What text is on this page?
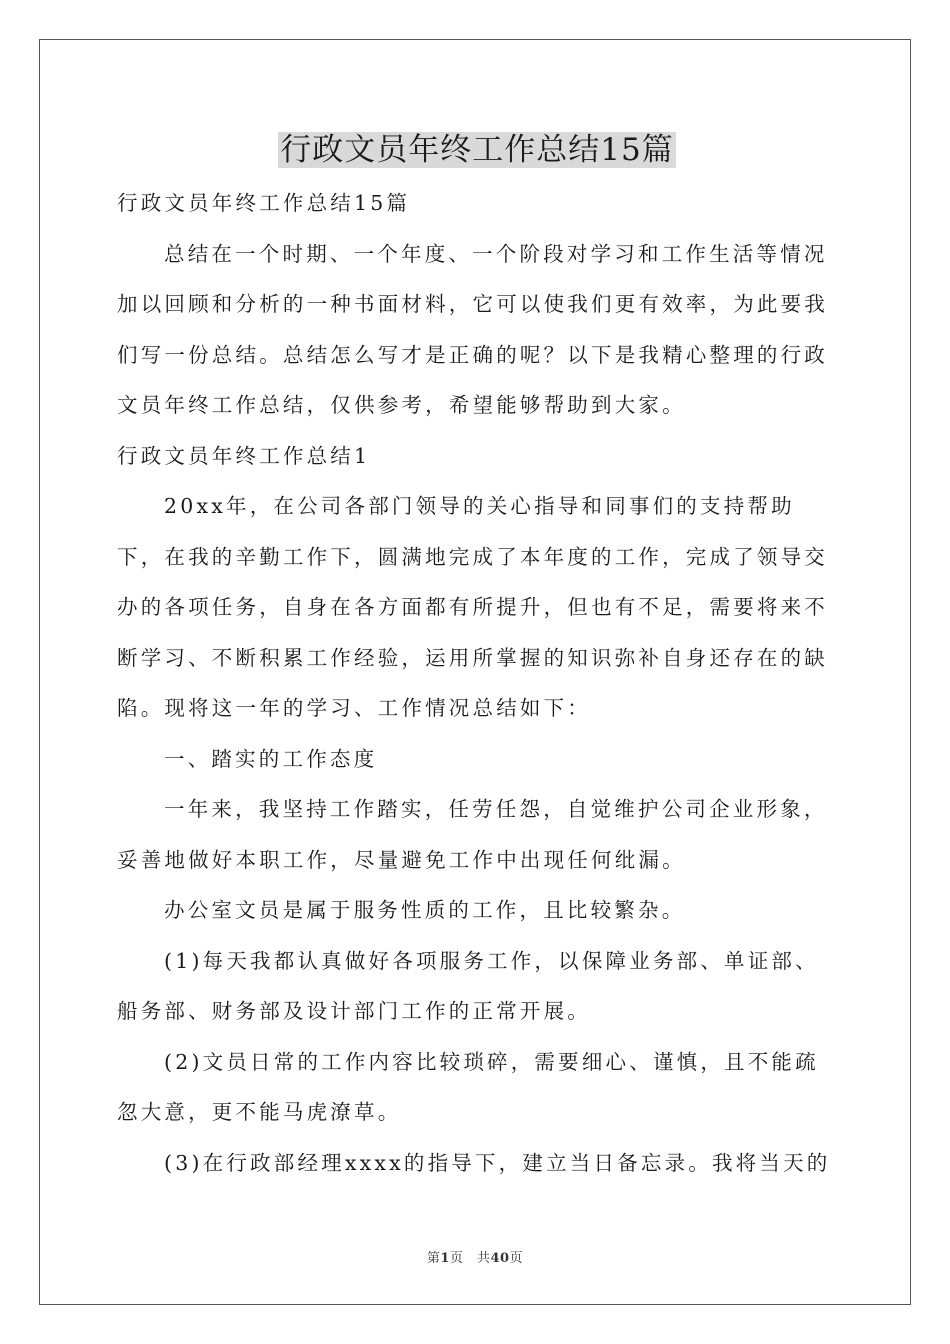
行政文员年终工作总结15篇

行政文员年终工作总结15篇

总结在一个时期、一个年度、一个阶段对学习和工作生活等情况加以回顾和分析的一种书面材料，它可以使我们更有效率，为此要我们写一份总结。总结怎么写才是正确的呢？以下是我精心整理的行政文员年终工作总结，仅供参考，希望能够帮助到大家。

行政文员年终工作总结1

20xx年，在公司各部门领导的关心指导和同事们的支持帮助下，在我的辛勤工作下，圆满地完成了本年度的工作，完成了领导交办的各项任务，自身在各方面都有所提升，但也有不足，需要将来不断学习、不断积累工作经验，运用所掌握的知识弥补自身还存在的缺陷。现将这一年的学习、工作情况总结如下：

一、踏实的工作态度

一年来，我坚持工作踏实，任劳任怨，自觉维护公司企业形象，妥善地做好本职工作，尽量避免工作中出现任何纰漏。

办公室文员是属于服务性质的工作，且比较繁杂。

(1)每天我都认真做好各项服务工作，以保障业务部、单证部、船务部、财务部及设计部门工作的正常开展。

(2)文员日常的工作内容比较琐碎，需要细心、谨慎，且不能疏忽大意，更不能马虎潦草。

(3)在行政部经理xxxx的指导下，建立当日备忘录。我将当天的

第1页　共40页
